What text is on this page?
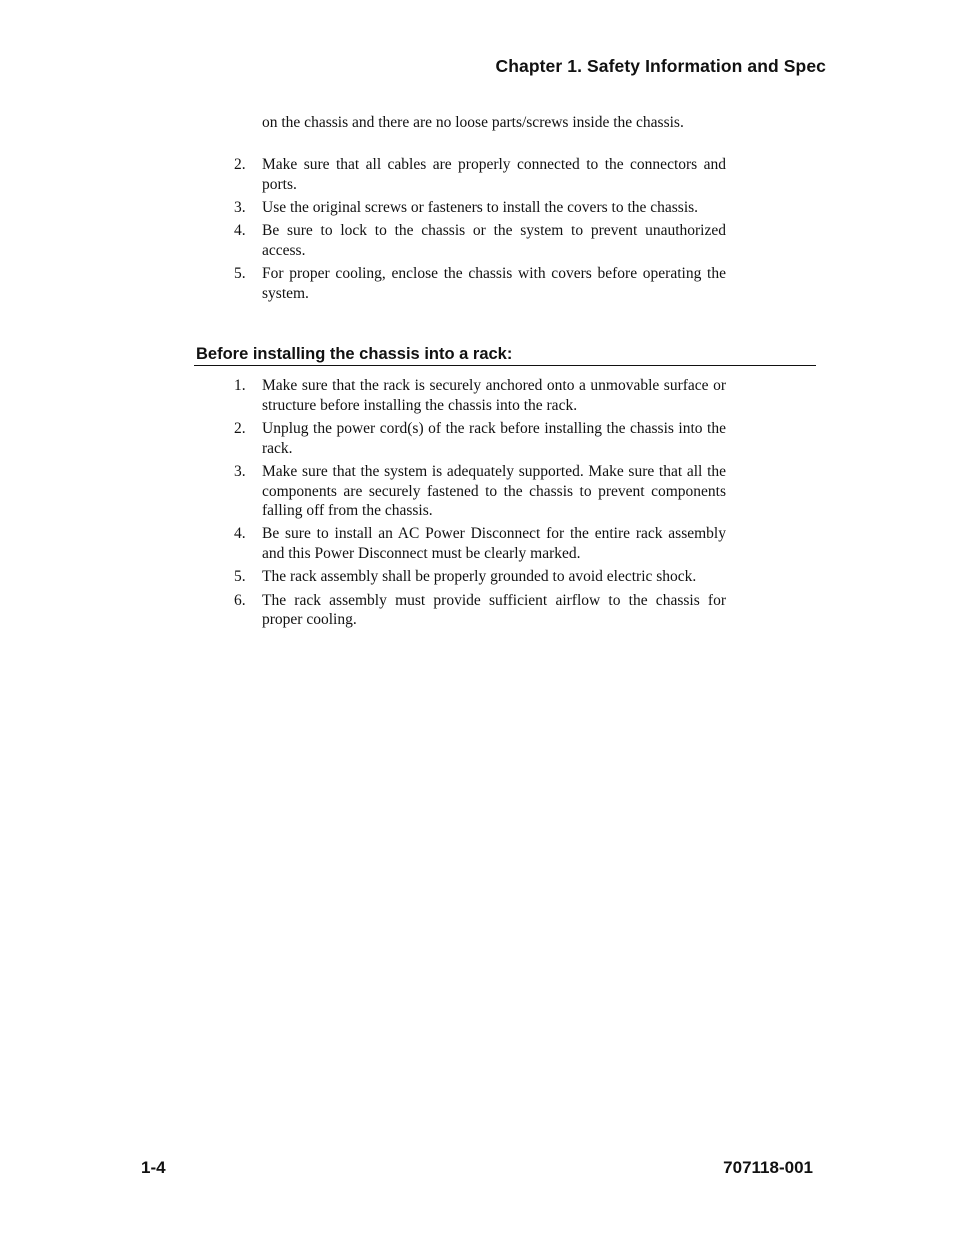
Chapter 1. Safety Information and Spec

on the chassis and there are no loose parts/screws inside the chassis.

2.	Make sure that all cables are properly connected to the connectors and ports.
3.	Use the original screws or fasteners to install the covers to the chassis.
4.	Be sure to lock to the chassis or the system to prevent unauthorized access.
5.	For proper cooling, enclose the chassis with covers before operating the system.
Before installing the chassis into a rack:
1.	Make sure that the rack is securely anchored onto a unmovable surface or structure before installing the chassis into the rack.
2.	Unplug the power cord(s) of the rack before installing the chassis into the rack.
3.	Make sure that the system is adequately supported. Make sure that all the components are securely fastened to the chassis to prevent components falling off from the chassis.
4.	Be sure to install an AC Power Disconnect for the entire rack assembly and this Power Disconnect must be clearly marked.
5.	The rack assembly shall be properly grounded to avoid electric shock.
6.	The rack assembly must provide sufficient airflow to the chassis for proper cooling.
1-4	707118-001
